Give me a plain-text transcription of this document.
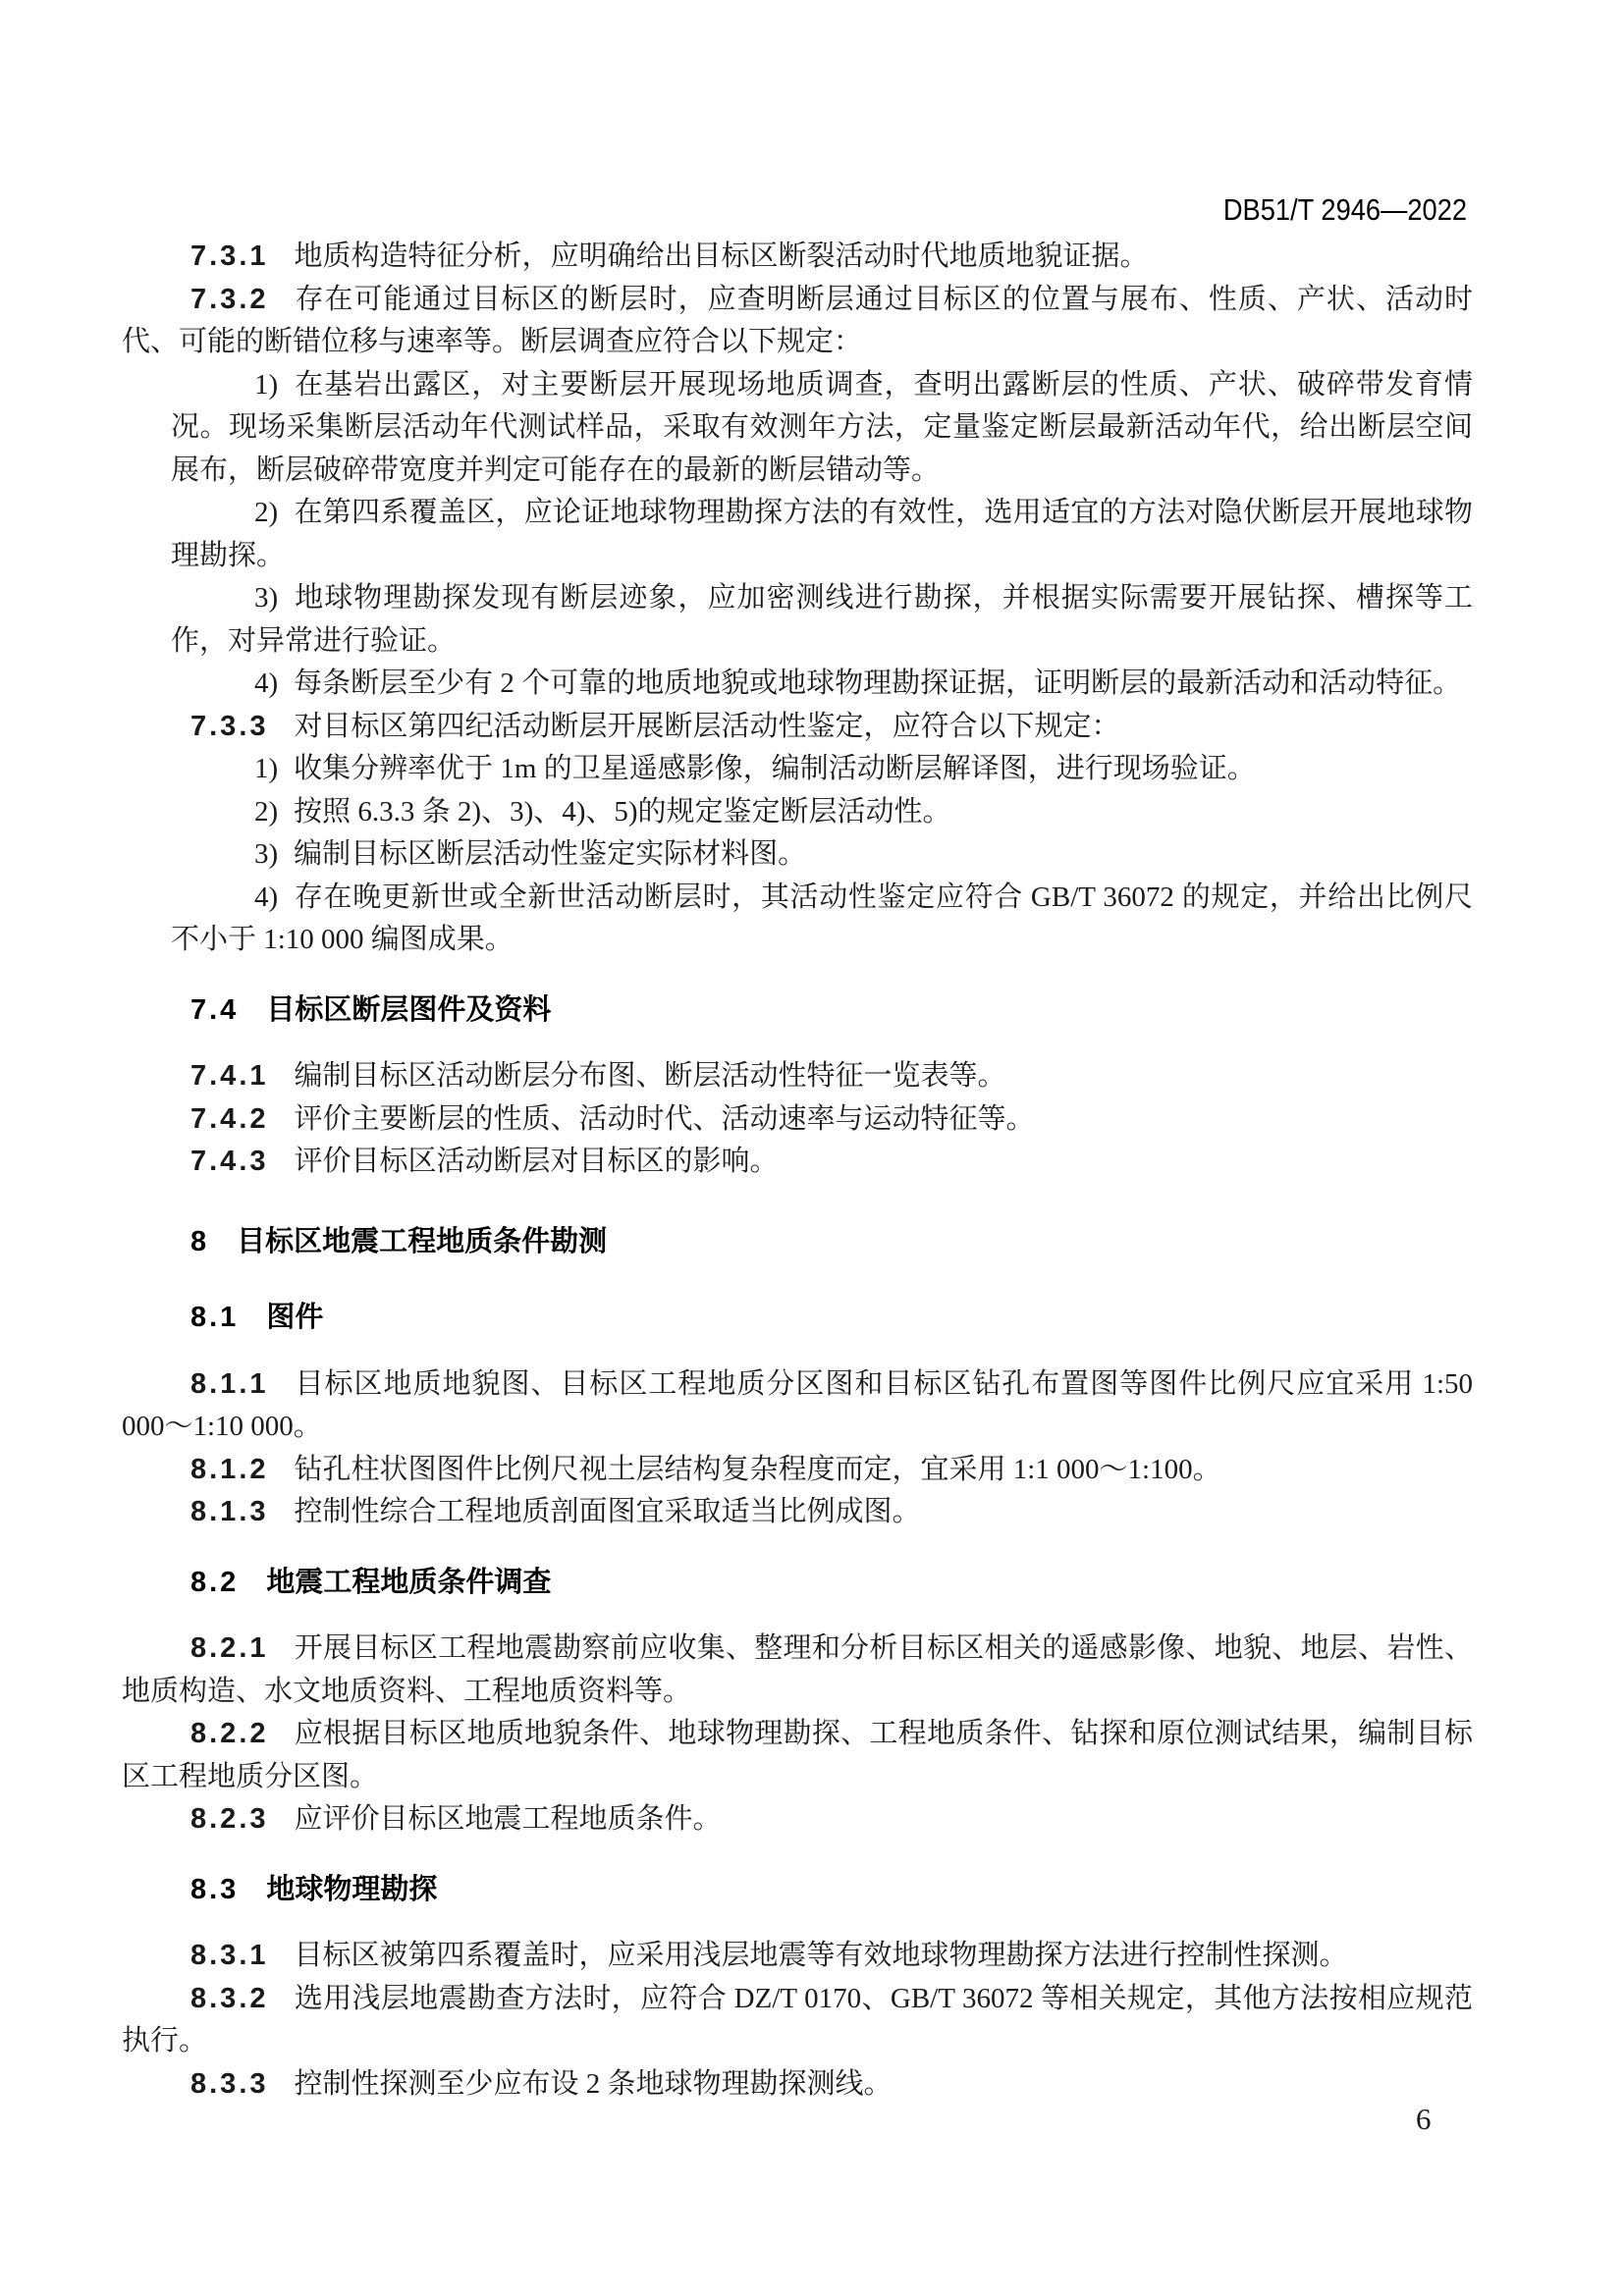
DB51/T 2946—2022
7.3.1 地质构造特征分析，应明确给出目标区断裂活动时代地质地貌证据。
7.3.2 存在可能通过目标区的断层时，应查明断层通过目标区的位置与展布、性质、产状、活动时代、可能的断错位移与速率等。断层调查应符合以下规定：
1) 在基岩出露区，对主要断层开展现场地质调查，查明出露断层的性质、产状、破碎带发育情况。现场采集断层活动年代测试样品，采取有效测年方法，定量鉴定断层最新活动年代，给出断层空间展布，断层破碎带宽度并判定可能存在的最新的断层错动等。
2) 在第四系覆盖区，应论证地球物理勘探方法的有效性，选用适宜的方法对隐伏断层开展地球物理勘探。
3) 地球物理勘探发现有断层迹象，应加密测线进行勘探，并根据实际需要开展钻探、槽探等工作，对异常进行验证。
4) 每条断层至少有 2 个可靠的地质地貌或地球物理勘探证据，证明断层的最新活动和活动特征。
7.3.3 对目标区第四纪活动断层开展断层活动性鉴定，应符合以下规定：
1) 收集分辨率优于 1m 的卫星遥感影像，编制活动断层解译图，进行现场验证。
2) 按照 6.3.3 条 2)、3)、4)、5)的规定鉴定断层活动性。
3) 编制目标区断层活动性鉴定实际材料图。
4) 存在晚更新世或全新世活动断层时，其活动性鉴定应符合 GB/T 36072 的规定，并给出比例尺不小于 1:10 000 编图成果。
7.4 目标区断层图件及资料
7.4.1 编制目标区活动断层分布图、断层活动性特征一览表等。
7.4.2 评价主要断层的性质、活动时代、活动速率与运动特征等。
7.4.3 评价目标区活动断层对目标区的影响。
8 目标区地震工程地质条件勘测
8.1 图件
8.1.1 目标区地质地貌图、目标区工程地质分区图和目标区钻孔布置图等图件比例尺应宜采用 1:50 000～1:10 000。
8.1.2 钻孔柱状图图件比例尺视土层结构复杂程度而定，宜采用 1:1 000～1:100。
8.1.3 控制性综合工程地质剖面图宜采取适当比例成图。
8.2 地震工程地质条件调查
8.2.1 开展目标区工程地震勘察前应收集、整理和分析目标区相关的遥感影像、地貌、地层、岩性、地质构造、水文地质资料、工程地质资料等。
8.2.2 应根据目标区地质地貌条件、地球物理勘探、工程地质条件、钻探和原位测试结果，编制目标区工程地质分区图。
8.2.3 应评价目标区地震工程地质条件。
8.3 地球物理勘探
8.3.1 目标区被第四系覆盖时，应采用浅层地震等有效地球物理勘探方法进行控制性探测。
8.3.2 选用浅层地震勘查方法时，应符合 DZ/T 0170、GB/T 36072 等相关规定，其他方法按相应规范执行。
8.3.3 控制性探测至少应布设 2 条地球物理勘探测线。
6
